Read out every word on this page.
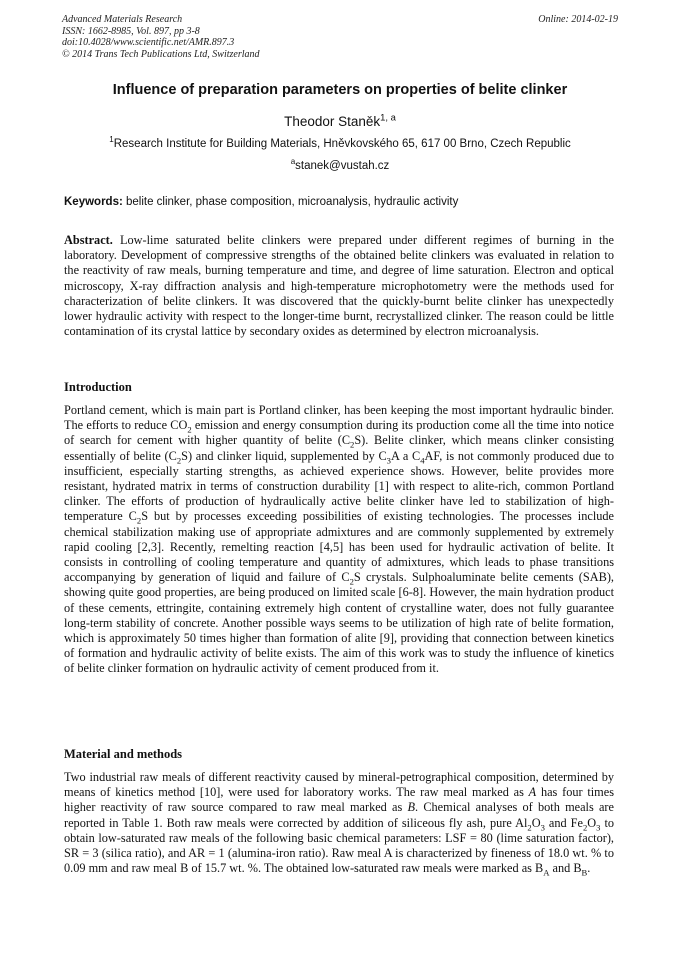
Advanced Materials Research
ISSN: 1662-8985, Vol. 897, pp 3-8
doi:10.4028/www.scientific.net/AMR.897.3
© 2014 Trans Tech Publications Ltd, Switzerland
Online: 2014-02-19
Influence of preparation parameters on properties of belite clinker
Theodor Staněk$^{1, a}$
$^1$Research Institute for Building Materials, Hněvkovského 65, 617 00 Brno, Czech Republic
$^a$stanek@vustah.cz
Keywords: belite clinker, phase composition, microanalysis, hydraulic activity
Abstract. Low-lime saturated belite clinkers were prepared under different regimes of burning in the laboratory. Development of compressive strengths of the obtained belite clinkers was evaluated in relation to the reactivity of raw meals, burning temperature and time, and degree of lime saturation. Electron and optical microscopy, X-ray diffraction analysis and high-temperature microphotometry were the methods used for characterization of belite clinkers. It was discovered that the quickly-burnt belite clinker has unexpectedly lower hydraulic activity with respect to the longer-time burnt, recrystallized clinker. The reason could be little contamination of its crystal lattice by secondary oxides as determined by electron microanalysis.
Introduction
Portland cement, which is main part is Portland clinker, has been keeping the most important hydraulic binder. The efforts to reduce $CO_2$ emission and energy consumption during its production come all the time into notice of search for cement with higher quantity of belite $(C_2S)$. Belite clinker, which means clinker consisting essentially of belite $(C_2S)$ and clinker liquid, supplemented by $C_3A$ a $C_4AF$, is not commonly produced due to insufficient, especially starting strengths, as achieved experience shows. However, belite provides more resistant, hydrated matrix in terms of construction durability [1] with respect to alite-rich, common Portland clinker. The efforts of production of hydraulically active belite clinker have led to stabilization of high-temperature $C_2S$ but by processes exceeding possibilities of existing technologies. The processes include chemical stabilization making use of appropriate admixtures and are commonly supplemented by extremely rapid cooling [2,3]. Recently, remelting reaction [4,5] has been used for hydraulic activation of belite. It consists in controlling of cooling temperature and quantity of admixtures, which leads to phase transitions accompanying by generation of liquid and failure of $C_2S$ crystals. Sulphoaluminate belite cements (SAB), showing quite good properties, are being produced on limited scale [6-8]. However, the main hydration product of these cements, ettringite, containing extremely high content of crystalline water, does not fully guarantee long-term stability of concrete. Another possible ways seems to be utilization of high rate of belite formation, which is approximately 50 times higher than formation of alite [9], providing that connection between kinetics of formation and hydraulic activity of belite exists. The aim of this work was to study the influence of kinetics of belite clinker formation on hydraulic activity of cement produced from it.
Material and methods
Two industrial raw meals of different reactivity caused by mineral-petrographical composition, determined by means of kinetics method [10], were used for laboratory works. The raw meal marked as A has four times higher reactivity of raw source compared to raw meal marked as B. Chemical analyses of both meals are reported in Table 1. Both raw meals were corrected by addition of siliceous fly ash, pure $Al_2O_3$ and $Fe_2O_3$ to obtain low-saturated raw meals of the following basic chemical parameters: LSF = 80 (lime saturation factor), SR = 3 (silica ratio), and AR = 1 (alumina-iron ratio). Raw meal A is characterized by fineness of 18.0 wt. % to 0.09 mm and raw meal B of 15.7 wt. %. The obtained low-saturated raw meals were marked as $B_A$ and $B_B$.
